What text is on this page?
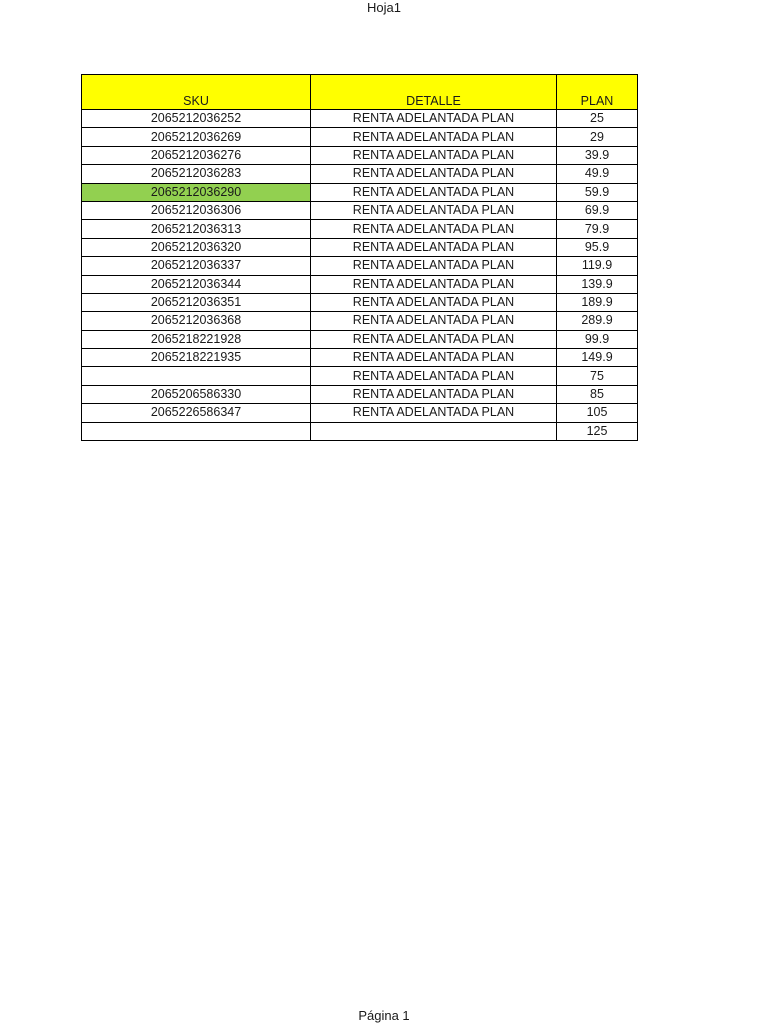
Hoja1
SKU	DETALLE	PLAN
2065212036252	RENTA ADELANTADA PLAN	25
2065212036269	RENTA ADELANTADA PLAN	29
2065212036276	RENTA ADELANTADA PLAN	39.9
2065212036283	RENTA ADELANTADA PLAN	49.9
2065212036290	RENTA ADELANTADA PLAN	59.9
2065212036306	RENTA ADELANTADA PLAN	69.9
2065212036313	RENTA ADELANTADA PLAN	79.9
2065212036320	RENTA ADELANTADA PLAN	95.9
2065212036337	RENTA ADELANTADA PLAN	119.9
2065212036344	RENTA ADELANTADA PLAN	139.9
2065212036351	RENTA ADELANTADA PLAN	189.9
2065212036368	RENTA ADELANTADA PLAN	289.9
2065218221928	RENTA ADELANTADA PLAN	99.9
2065218221935	RENTA ADELANTADA PLAN	149.9
	RENTA ADELANTADA PLAN	75
2065206586330	RENTA ADELANTADA PLAN	85
2065226586347	RENTA ADELANTADA PLAN	105
		125
Página 1
